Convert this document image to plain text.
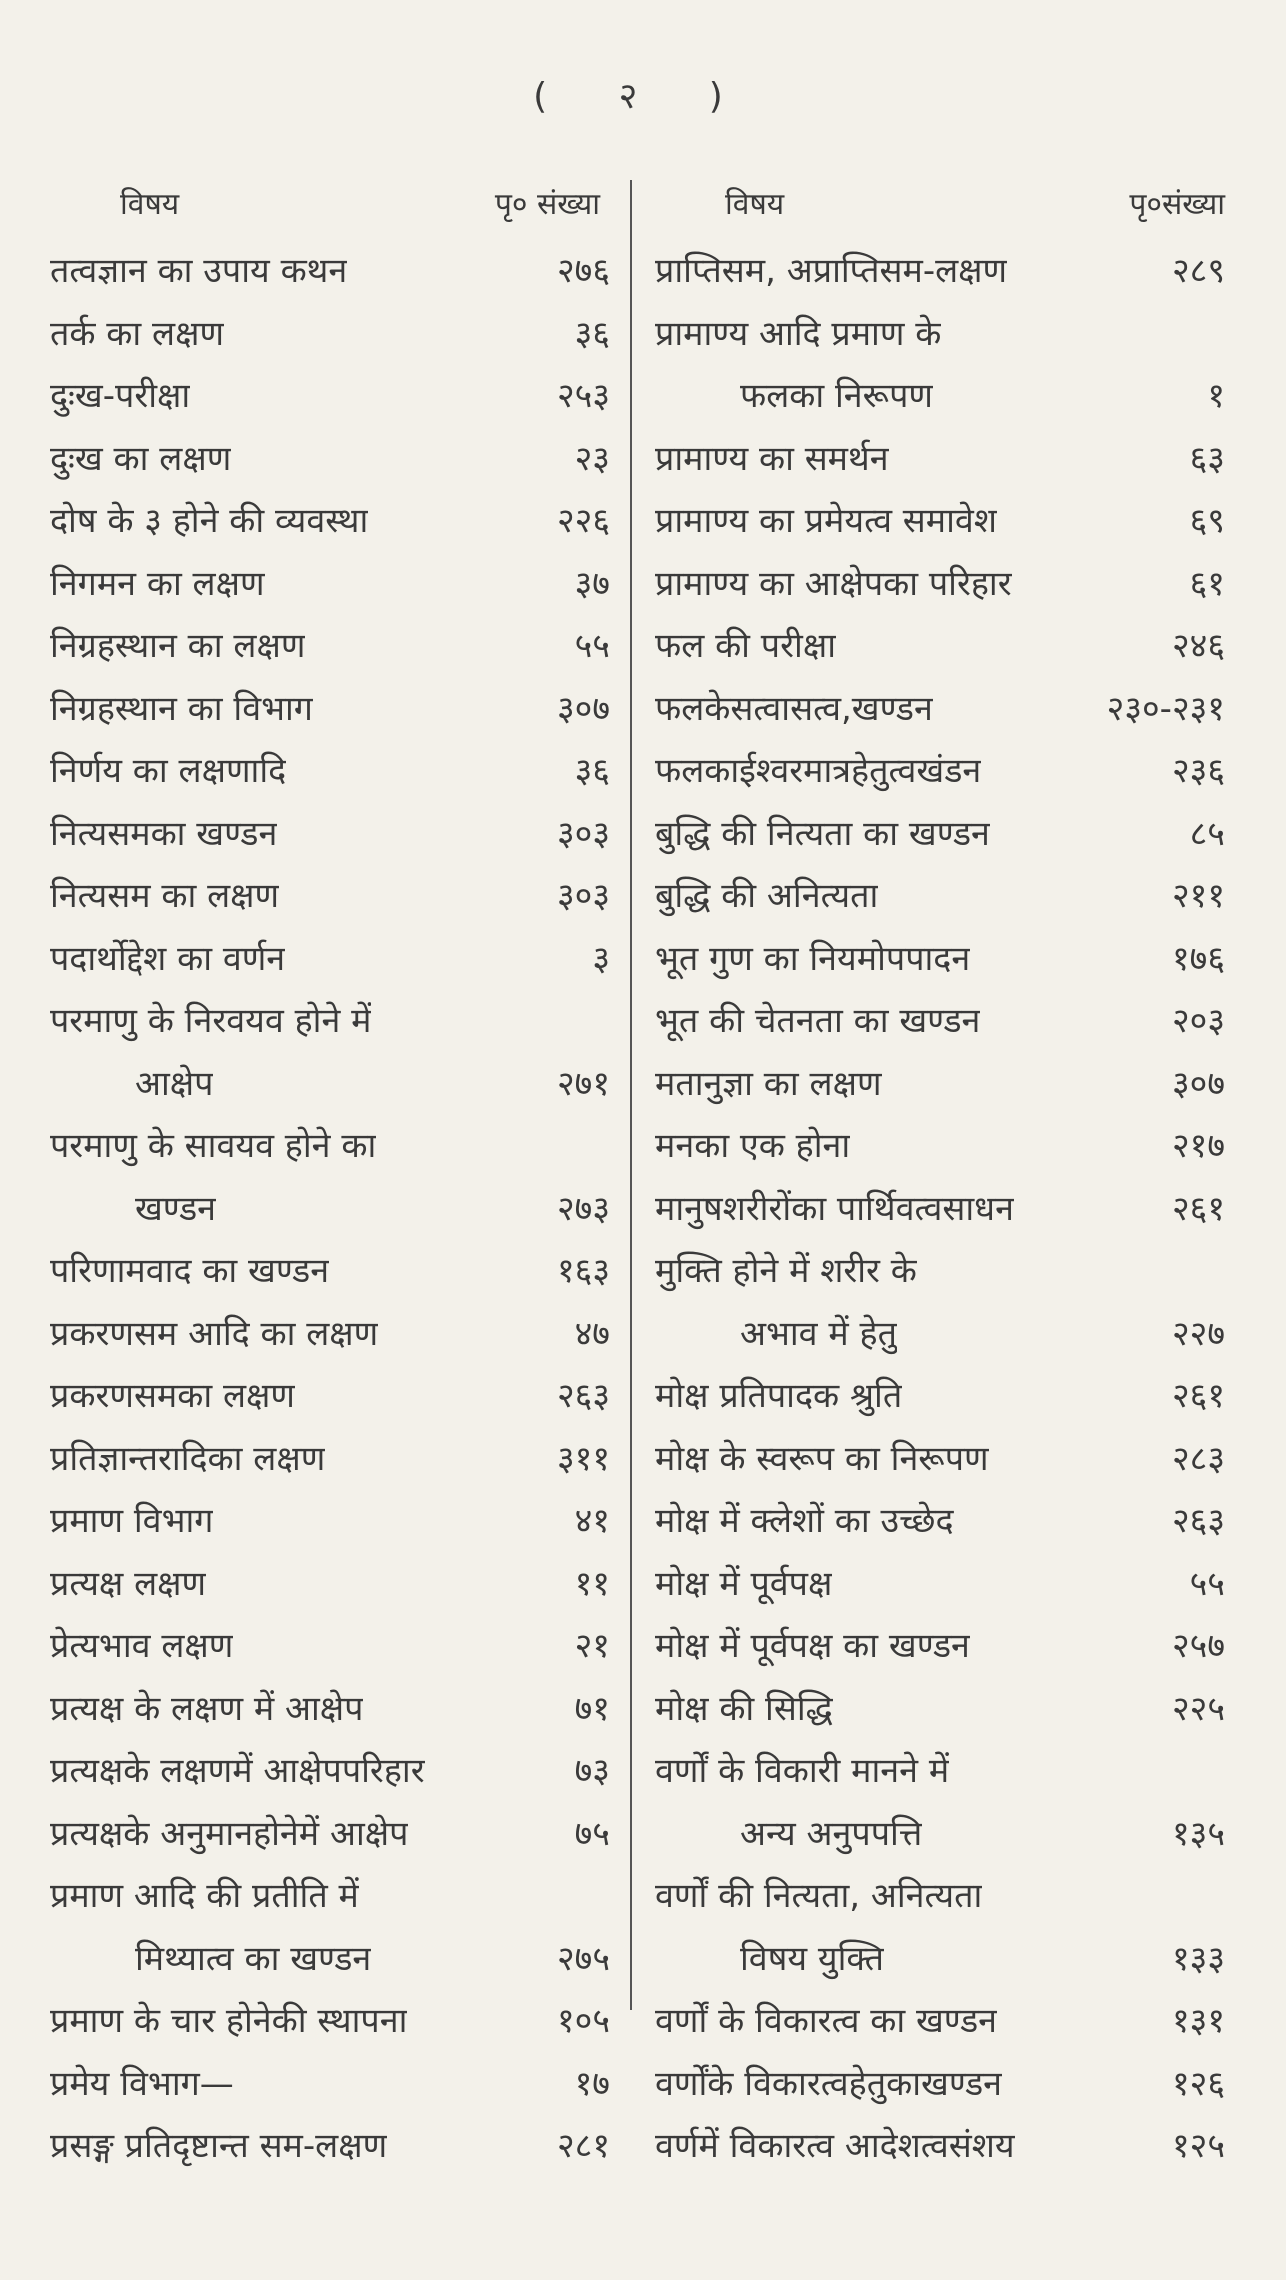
( २ )
विषय	पृ० संख्या
तत्वज्ञान का उपाय कथन	२७६
तर्क का लक्षण	३६
दुःख-परीक्षा	२५३
दुःख का लक्षण	२३
दोष के ३ होने की व्यवस्था	२२६
निगमन का लक्षण	३७
निग्रहस्थान का लक्षण	५५
निग्रहस्थान का विभाग	३०७
निर्णय का लक्षणादि	३६
नित्यसमका खण्डन	३०३
नित्यसम का लक्षण	३०३
पदार्थोद्देश का वर्णन	३
परमाणु के निरवयव होने में
आक्षेप	२७१
परमाणु के सावयव होने का
खण्डन	२७३
परिणामवाद का खण्डन	१६३
प्रकरणसम आदि का लक्षण	४७
प्रकरणसमका लक्षण	२६३
प्रतिज्ञान्तरादिका लक्षण	३११
प्रमाण विभाग	४१
प्रत्यक्ष लक्षण	११
प्रेत्यभाव लक्षण	२१
प्रत्यक्ष के लक्षण में आक्षेप	७१
प्रत्यक्षके लक्षणमें आक्षेपपरिहार	७३
प्रत्यक्षके अनुमानहोनेमें आक्षेप	७५
प्रमाण आदि की प्रतीति में
मिथ्यात्व का खण्डन	२७५
प्रमाण के चार होनेकी स्थापना	१०५
प्रमेय विभाग—	१७
प्रसङ्ग प्रतिदृष्टान्त सम-लक्षण	२८१
विषय	पृ०संख्या
प्राप्तिसम, अप्राप्तिसम-लक्षण	२८९
प्रामाण्य आदि प्रमाण के
फलका निरूपण	१
प्रामाण्य का समर्थन	६३
प्रामाण्य का प्रमेयत्व समावेश	६९
प्रामाण्य का आक्षेपका परिहार	६१
फल की परीक्षा	२४६
फलकेसत्वासत्व,खण्डन	२३०-२३१
फलकाईश्वरमात्रहेतुत्वखंडन	२३६
बुद्धि की नित्यता का खण्डन	८५
बुद्धि की अनित्यता	२११
भूत गुण का नियमोपपादन	१७६
भूत की चेतनता का खण्डन	२०३
मतानुज्ञा का लक्षण	३०७
मनका एक होना	२१७
मानुषशरीरोंका पार्थिवत्वसाधन	२६१
मुक्ति होने में शरीर के
अभाव में हेतु	२२७
मोक्ष प्रतिपादक श्रुति	२६१
मोक्ष के स्वरूप का निरूपण	२८३
मोक्ष में क्लेशों का उच्छेद	२६३
मोक्ष में पूर्वपक्ष	५५
मोक्ष में पूर्वपक्ष का खण्डन	२५७
मोक्ष की सिद्धि	२२५
वर्णों के विकारी मानने में
अन्य अनुपपत्ति	१३५
वर्णों की नित्यता, अनित्यता
विषय युक्ति	१३३
वर्णों के विकारत्व का खण्डन	१३१
वर्णोंके विकारत्वहेतुकाखण्डन	१२६
वर्णमें विकारत्व आदेशत्वसंशय	१२५
